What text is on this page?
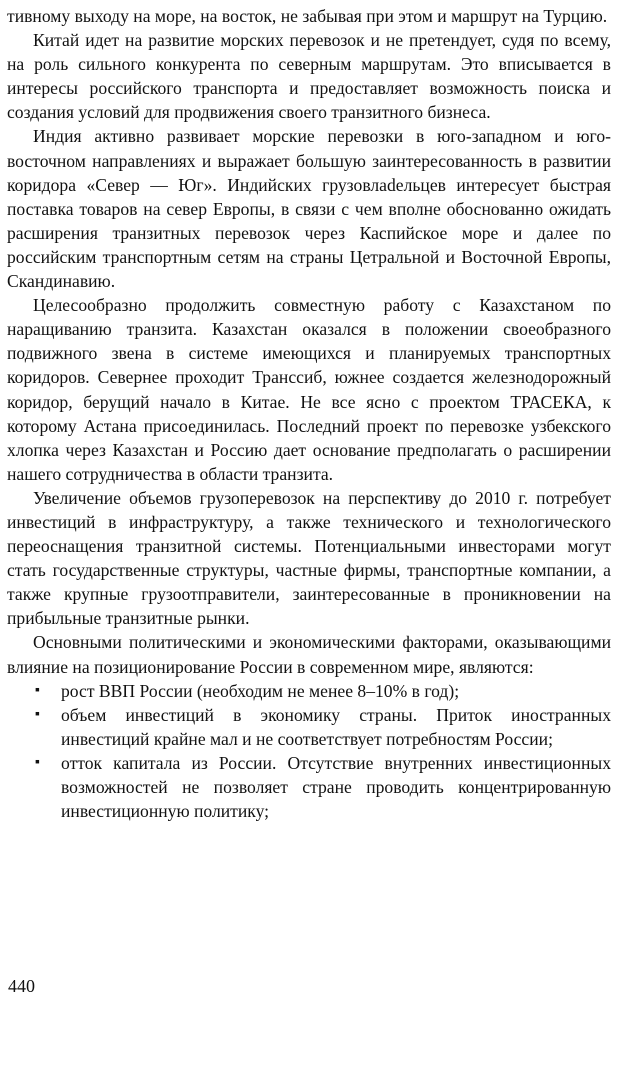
тивному выходу на море, на восток, не забывая при этом и маршрут на Турцию.

Китай идет на развитие морских перевозок и не претендует, судя по всему, на роль сильного конкурента по северным маршрутам. Это вписывается в интересы российского транспорта и предоставляет возможность поиска и создания условий для продвижения своего транзитного бизнеса.

Индия активно развивает морские перевозки в юго-западном и юго-восточном направлениях и выражает большую заинтересованность в развитии коридора «Север — Юг». Индийских грузовлаdельцев интересует быстрая поставка товаров на север Европы, в связи с чем вполне обоснованно ожидать расширения транзитных перевозок через Каспийское море и далее по российским транспортным сетям на страны Цетральной и Восточной Европы, Скандинавию.

Целесообразно продолжить совместную работу с Казахстаном по наращиванию транзита. Казахстан оказался в положении своеобразного подвижного звена в системе имеющихся и планируемых транспортных коридоров. Севернее проходит Транссиб, южнее создается железнодорожный коридор, берущий начало в Китае. Не все ясно с проектом ТРАСЕКА, к которому Астана присоединилась. Последний проект по перевозке узбекского хлопка через Казахстан и Россию дает основание предполагать о расширении нашего сотрудничества в области транзита.

Увеличение объемов грузоперевозок на перспективу до 2010 г. потребует инвестиций в инфраструктуру, а также технического и технологического переоснащения транзитной системы. Потенциальными инвесторами могут стать государственные структуры, частные фирмы, транспортные компании, а также крупные грузоотправители, заинтересованные в проникновении на прибыльные транзитные рынки.

Основными политическими и экономическими факторами, оказывающими влияние на позиционирование России в современном мире, являются:

▪ рост ВВП России (необходим не менее 8–10% в год);
▪ объем инвестиций в экономику страны. Приток иностранных инвестиций крайне мал и не соответствует потребностям России;
▪ отток капитала из России. Отсутствие внутренних инвестиционных возможностей не позволяет стране проводить концентрированную инвестиционную политику;
440
